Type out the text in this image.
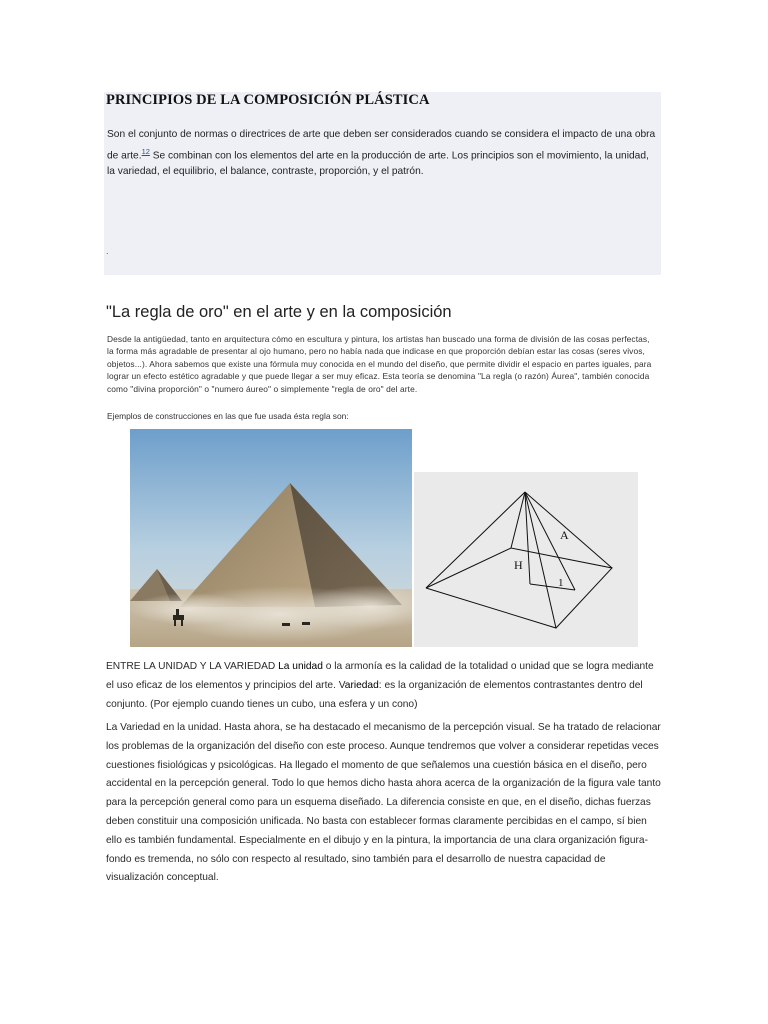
PRINCIPIOS DE LA COMPOSICIÓN PLÁSTICA
Son el conjunto de normas o directrices de arte que deben ser considerados cuando se considera el impacto de una obra de arte.$^{12}$ Se combinan con los elementos del arte en la producción de arte. Los principios son el movimiento, la unidad, la variedad, el equilibrio, el balance, contraste, proporción, y el patrón.
.
"La regla de oro" en el arte y en la composición
Desde la antigüedad, tanto en arquitectura cómo en escultura y pintura, los artistas han buscado una forma de división de las cosas perfectas, la forma más agradable de presentar al ojo humano, pero no había nada que indicase en que proporción debían estar las cosas (seres vivos, objetos...). Ahora sabemos que existe una fórmula muy conocida en el mundo del diseño, que permite dividir el espacio en partes iguales, para lograr un efecto estético agradable y que puede llegar a ser muy eficaz. Esta teoría se denomina "La regla (o razón) Áurea", también conocida como "divina proporción" o "numero áureo" o simplemente "regla de oro" del arte.
Ejemplos de construcciones en las que fue usada ésta regla son:
A
H
1
ENTRE LA UNIDAD Y LA VARIEDAD La unidad o la armonía es la calidad de la totalidad o unidad que se logra mediante el uso eficaz de los elementos y principios del arte. Variedad: es la organización de elementos contrastantes dentro del conjunto. (Por ejemplo cuando tienes un cubo, una esfera y un cono)
La Variedad en la unidad. Hasta ahora, se ha destacado el mecanismo de la percepción visual. Se ha tratado de relacionar los problemas de la organización del diseño con este proceso. Aunque tendremos que volver a considerar repetidas veces cuestiones fisiológicas y psicológicas. Ha llegado el momento de que señalemos una cuestión básica en el diseño, pero accidental en la percepción general. Todo lo que hemos dicho hasta ahora acerca de la organización de la figura vale tanto para la percepción general como para un esquema diseñado. La diferencia consiste en que, en el diseño, dichas fuerzas deben constituir una composición unificada. No basta con establecer formas claramente percibidas en el campo, sí bien ello es también fundamental. Especialmente en el dibujo y en la pintura, la importancia de una clara organización figura-fondo es tremenda, no sólo con respecto al resultado, sino también para el desarrollo de nuestra capacidad de visualización conceptual.
